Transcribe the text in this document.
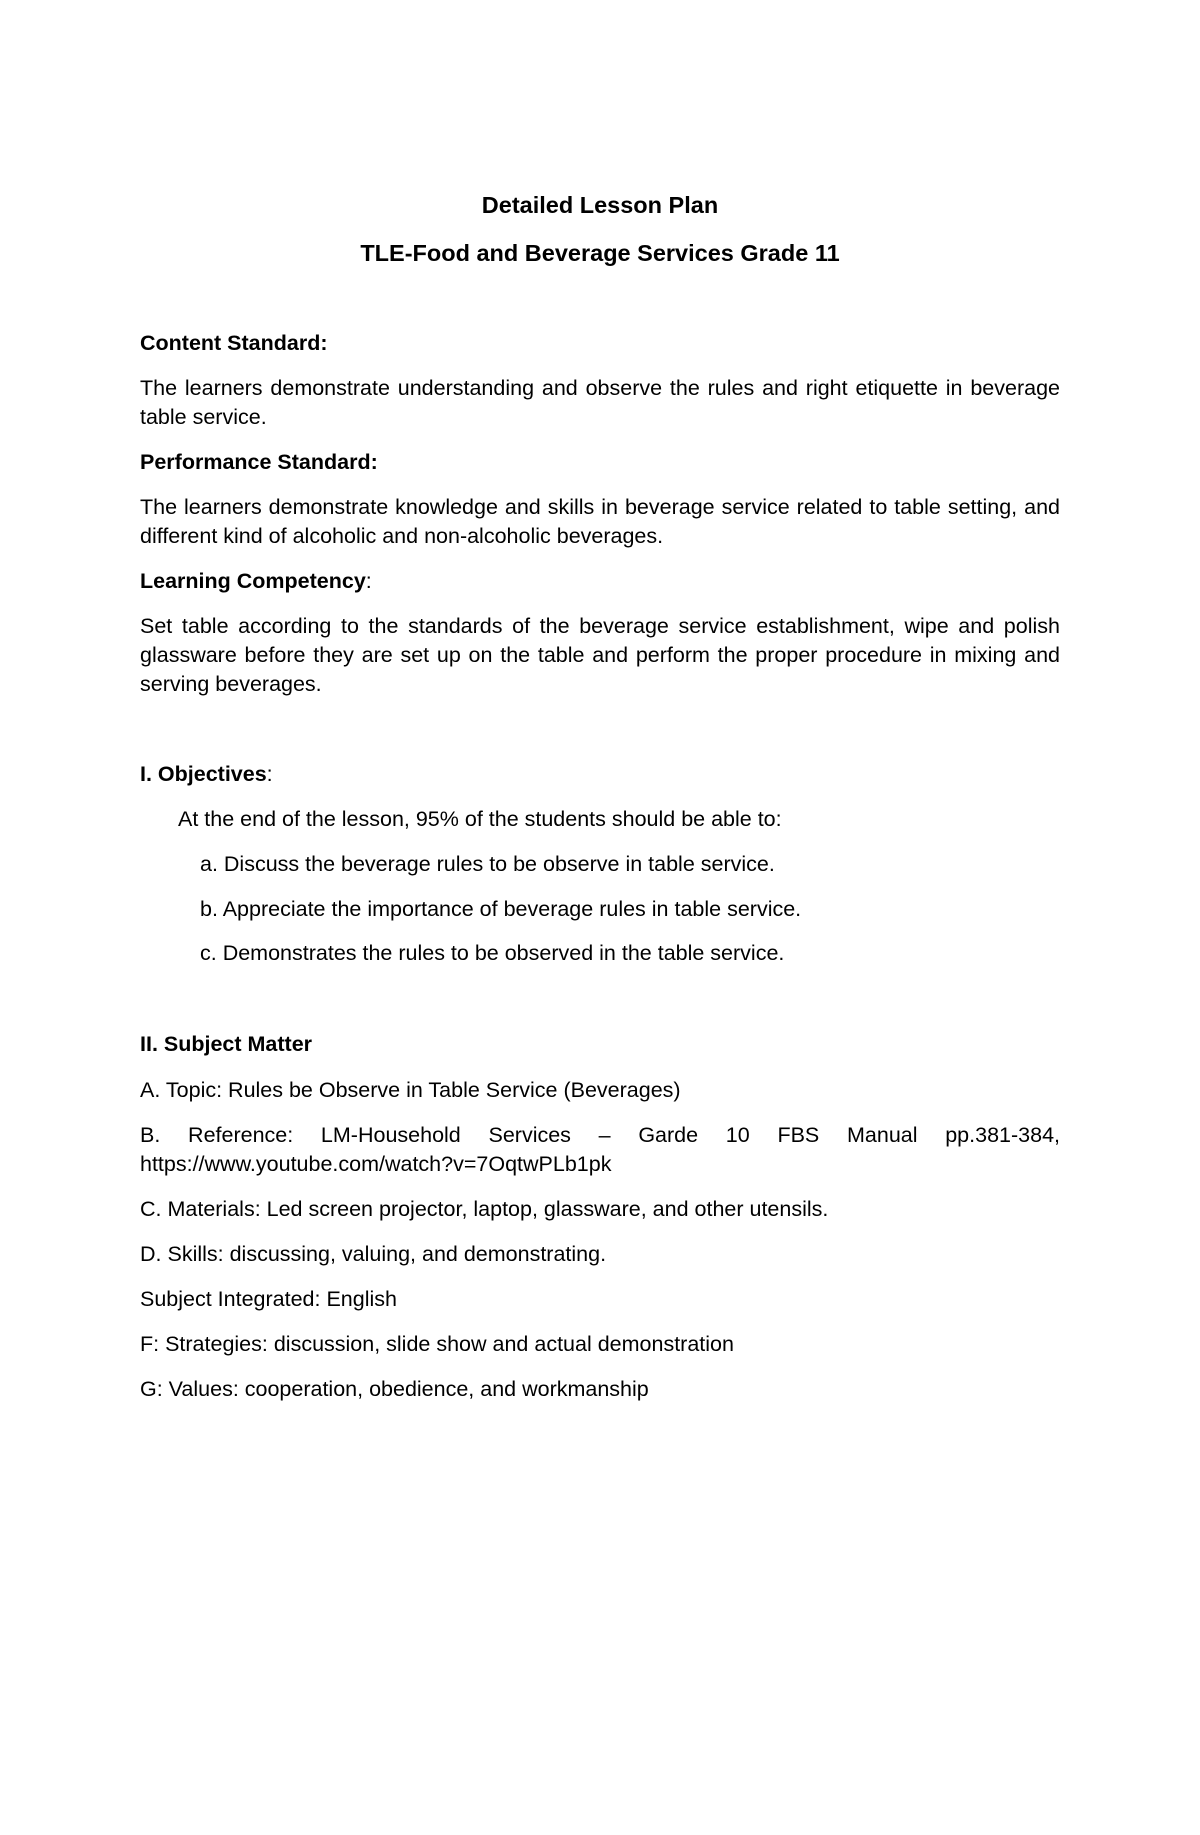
Detailed Lesson Plan
TLE-Food and Beverage Services Grade 11

Content Standard:

The learners demonstrate understanding and observe the rules and right etiquette in beverage table service.

Performance Standard:

The learners demonstrate knowledge and skills in beverage service related to table setting, and different kind of alcoholic and non-alcoholic beverages.

Learning Competency:

Set table according to the standards of the beverage service establishment, wipe and polish glassware before they are set up on the table and perform the proper procedure in mixing and serving beverages.

I. Objectives:

At the end of the lesson, 95% of the students should be able to:

a. Discuss the beverage rules to be observe in table service.

b. Appreciate the importance of beverage rules in table service.

c. Demonstrates the rules to be observed in the table service.

II. Subject Matter

A. Topic: Rules be Observe in Table Service (Beverages)

B. Reference: LM-Household Services – Garde 10 FBS Manual pp.381-384, https://www.youtube.com/watch?v=7OqtwPLb1pk

C. Materials: Led screen projector, laptop, glassware, and other utensils.

D. Skills: discussing, valuing, and demonstrating.

Subject Integrated: English

F: Strategies: discussion, slide show and actual demonstration

G: Values: cooperation, obedience, and workmanship
